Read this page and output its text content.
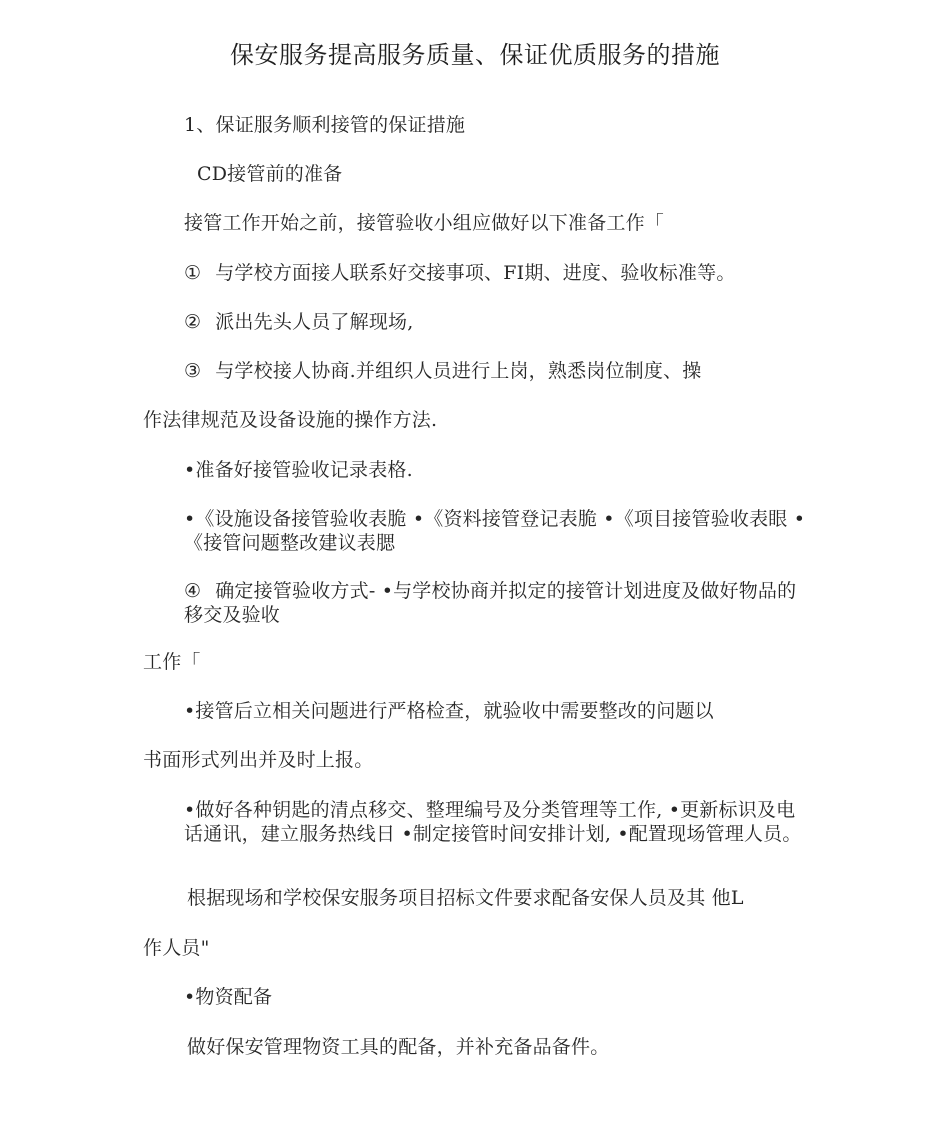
保安服务提高服务质量、保证优质服务的措施
1、保证服务顺利接管的保证措施
CD接管前的准备
接管工作开始之前，接管验收小组应做好以下准备工作「
① 与学校方面接人联系好交接事项、FI期、进度、验收标准等。
② 派出先头人员了解现场,
③ 与学校接人协商.并组织人员进行上岗，熟悉岗位制度、操
作法律规范及设备设施的操作方法.
•准备好接管验收记录表格.
•《设施设备接管验收表脆 •《资料接管登记表脆 •《项目接管验收表眼 •《接管问题整改建议表腮
④ 确定接管验收方式- •与学校协商并拟定的接管计划进度及做好物品的移交及验收
工作「
•接管后立相关问题进行严格检查，就验收中需要整改的问题以
书面形式列出并及时上报。
•做好各种钥匙的清点移交、整理编号及分类管理等工作, •更新标识及电话通讯，建立服务热线日 •制定接管时间安排计划, •配置现场管理人员。
根据现场和学校保安服务项目招标文件要求配备安保人员及其 他L
作人员"
•物资配备
做好保安管理物资工具的配备，并补充备品备件。
